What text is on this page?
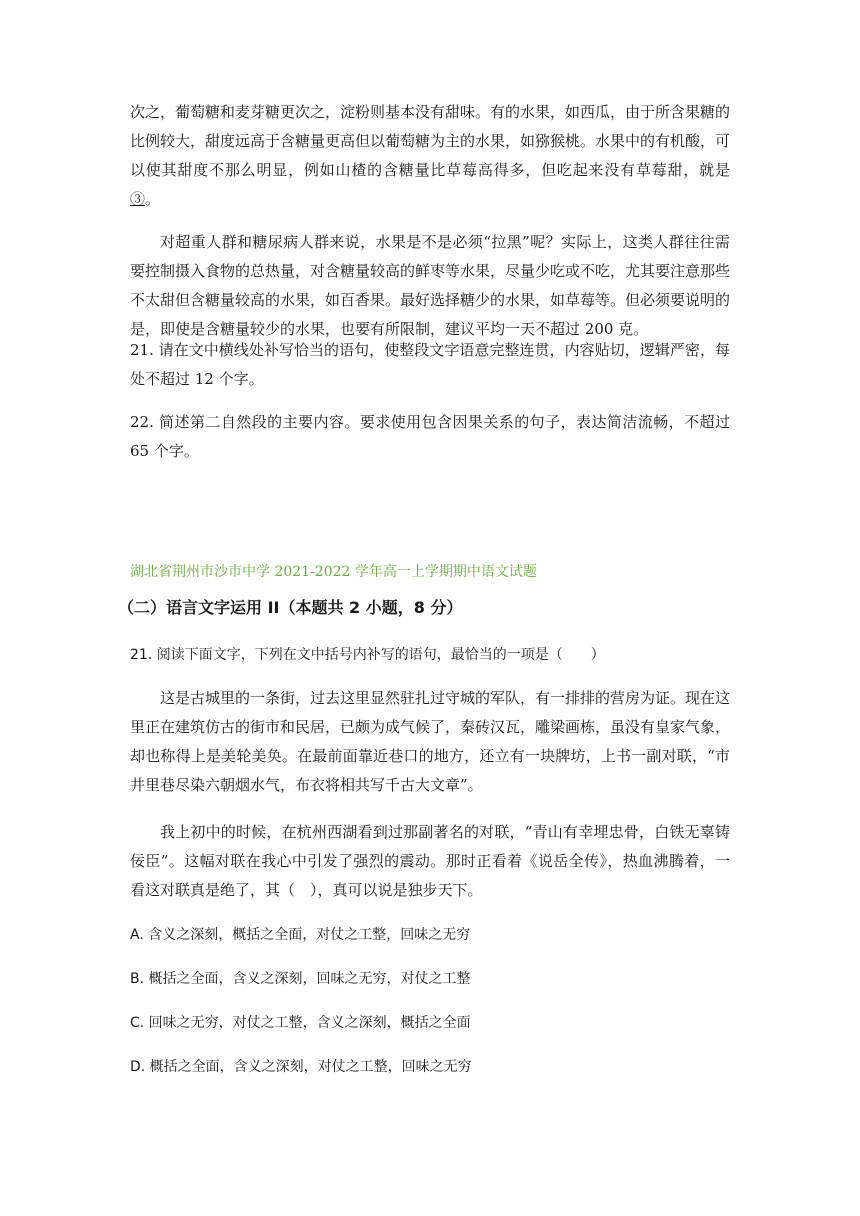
次之，葡萄糖和麦芽糖更次之，淀粉则基本没有甜味。有的水果，如西瓜，由于所含果糖的比例较大，甜度远高于含糖量更高但以葡萄糖为主的水果，如猕猴桃。水果中的有机酸，可以使其甜度不那么明显，例如山楂的含糖量比草莓高得多，但吃起来没有草莓甜，就是③。

对超重人群和糖尿病人群来说，水果是不是必须“拉黑”呢？实际上，这类人群往往需要控制摄入食物的总热量，对含糖量较高的鲜枣等水果，尽量少吃或不吃，尤其要注意那些不太甜但含糖量较高的水果，如百香果。最好选择糖少的水果，如草莓等。但必须要说明的是，即使是含糖量较少的水果，也要有所限制，建议平均一天不超过 200 克。

21. 请在文中横线处补写恰当的语句，使整段文字语意完整连贯，内容贴切，逻辑严密，每处不超过 12 个字。

22. 简述第二自然段的主要内容。要求使用包含因果关系的句子，表达简洁流畅，不超过 65 个字。

湖北省荆州市沙市中学 2021-2022 学年高一上学期期中语文试题

（二）语言文字运用 II（本题共 2 小题，8 分）

21. 阅读下面文字，下列在文中括号内补写的语句，最恰当的一项是（　　）

这是古城里的一条街，过去这里显然驻扎过守城的军队，有一排排的营房为证。现在这里正在建筑仿古的街市和民居，已颇为成气候了，秦砖汉瓦，雕梁画栋，虽没有皇家气象，却也称得上是美轮美奂。在最前面靠近巷口的地方，还立有一块牌坊，上书一副对联，“市井里巷尽染六朝烟水气，布衣将相共写千古大文章”。

我上初中的时候，在杭州西湖看到过那副著名的对联，“青山有幸埋忠骨，白铁无辜铸佞臣”。这幅对联在我心中引发了强烈的震动。那时正看着《说岳全传》，热血沸腾着，一看这对联真是绝了，其（　），真可以说是独步天下。

A. 含义之深刻，概括之全面，对仗之工整，回味之无穷

B. 概括之全面，含义之深刻，回味之无穷，对仗之工整

C. 回味之无穷，对仗之工整，含义之深刻，概括之全面

D. 概括之全面，含义之深刻，对仗之工整，回味之无穷
